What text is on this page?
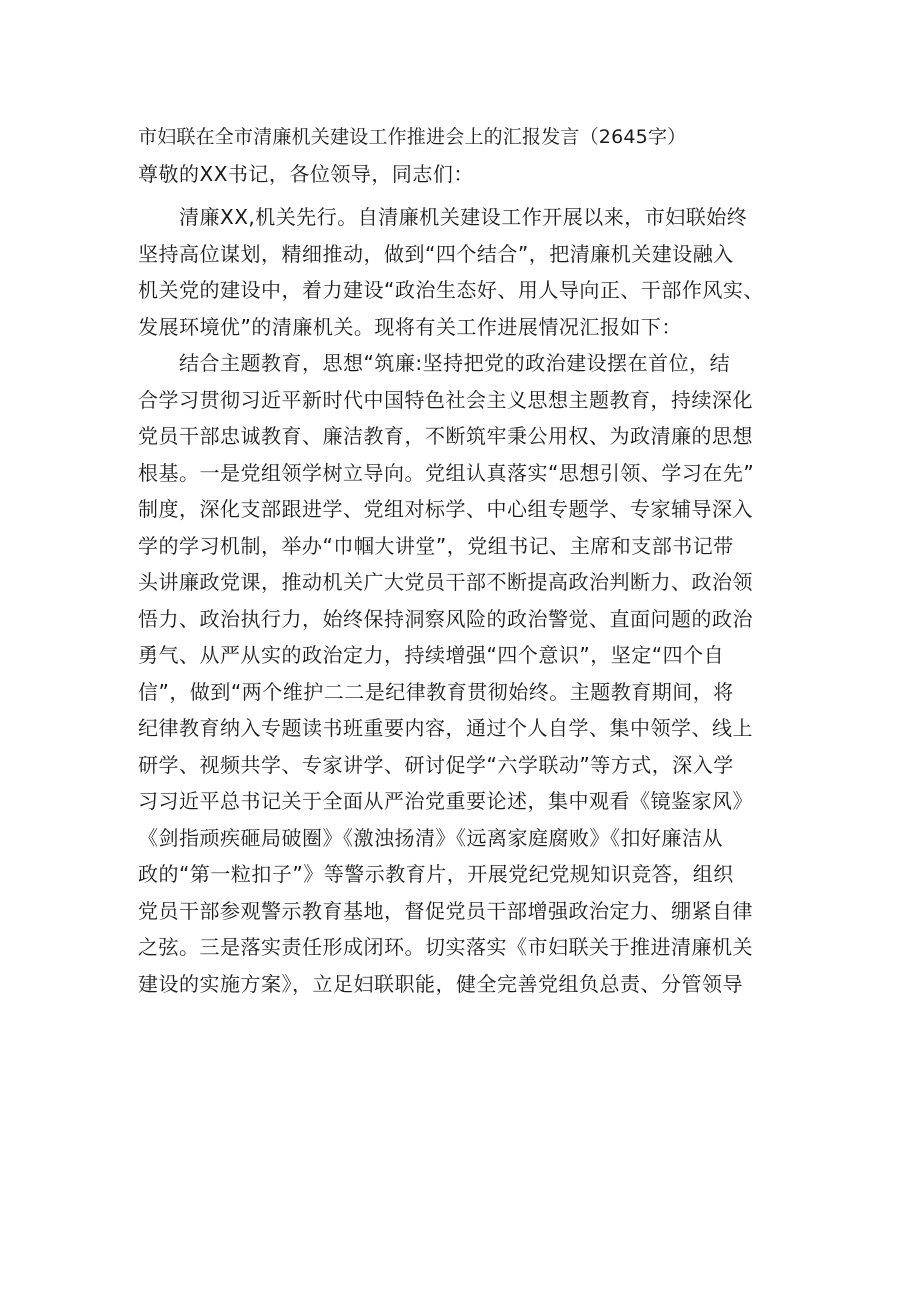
市妇联在全市清廉机关建设工作推进会上的汇报发言（2645字）
尊敬的XX书记，各位领导，同志们：
　　清廉XX,机关先行。自清廉机关建设工作开展以来，市妇联始终
坚持高位谋划，精细推动，做到“四个结合”，把清廉机关建设融入
机关党的建设中，着力建设“政治生态好、用人导向正、干部作风实、
发展环境优”的清廉机关。现将有关工作进展情况汇报如下：
　　结合主题教育，思想“筑廉:坚持把党的政治建设摆在首位，结
合学习贯彻习近平新时代中国特色社会主义思想主题教育，持续深化
党员干部忠诚教育、廉洁教育，不断筑牢秉公用权、为政清廉的思想
根基。一是党组领学树立导向。党组认真落实“思想引领、学习在先”
制度，深化支部跟进学、党组对标学、中心组专题学、专家辅导深入
学的学习机制，举办“巾帼大讲堂”，党组书记、主席和支部书记带
头讲廉政党课，推动机关广大党员干部不断提高政治判断力、政治领
悟力、政治执行力，始终保持洞察风险的政治警觉、直面问题的政治
勇气、从严从实的政治定力，持续增强“四个意识”，坚定“四个自
信”，做到“两个维护二二是纪律教育贯彻始终。主题教育期间，将
纪律教育纳入专题读书班重要内容，通过个人自学、集中领学、线上
研学、视频共学、专家讲学、研讨促学“六学联动”等方式，深入学
习习近平总书记关于全面从严治党重要论述，集中观看《镜鉴家风》
《剑指顽疾砸局破圈》《激浊扬清》《远离家庭腐败》《扣好廉洁从
政的“第一粒扣子”》等警示教育片，开展党纪党规知识竞答，组织
党员干部参观警示教育基地，督促党员干部增强政治定力、绷紧自律
之弦。三是落实责任形成闭环。切实落实《市妇联关于推进清廉机关
建设的实施方案》，立足妇联职能，健全完善党组负总责、分管领导
